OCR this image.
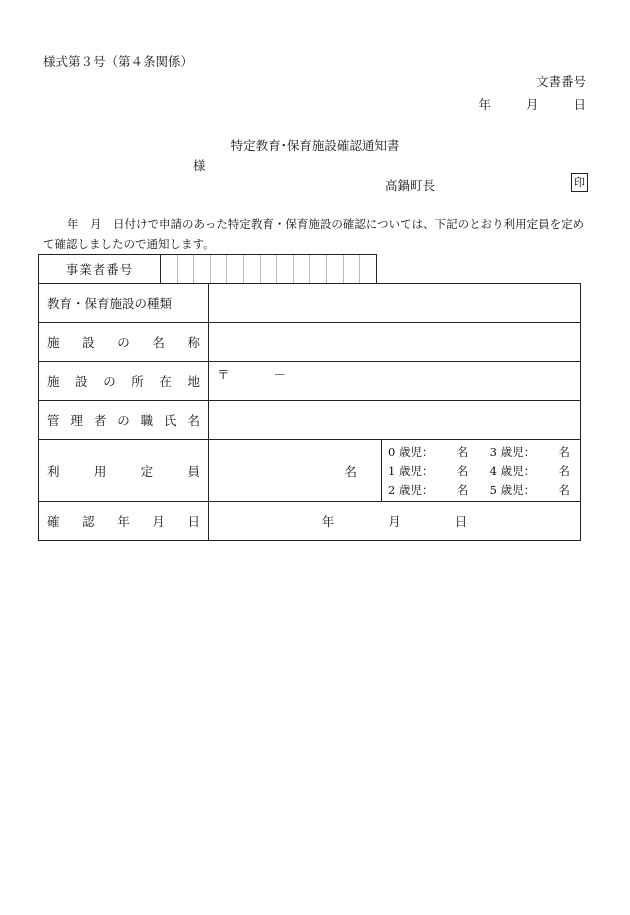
様式第３号（第４条関係）
文書番号
年	月	日
特定教育･保育施設確認通知書
様
高鍋町長	印
年　月　日付けで申請のあった特定教育・保育施設の確認については、下記のとおり利用定員を定めて確認しましたので通知します。
事業者番号
教育・保育施設の種類	

施 設 の 名 称

施 設 の 所 在 地	〒	－

管 理 者 の 職 氏 名

利	用	定	員
		名	
0 歳児：		名	3 歳児：		名
1 歳児：		名	4 歳児：		名
2 歳児：		名	5 歳児：		名

確 認 年 月 日	年	月	日
